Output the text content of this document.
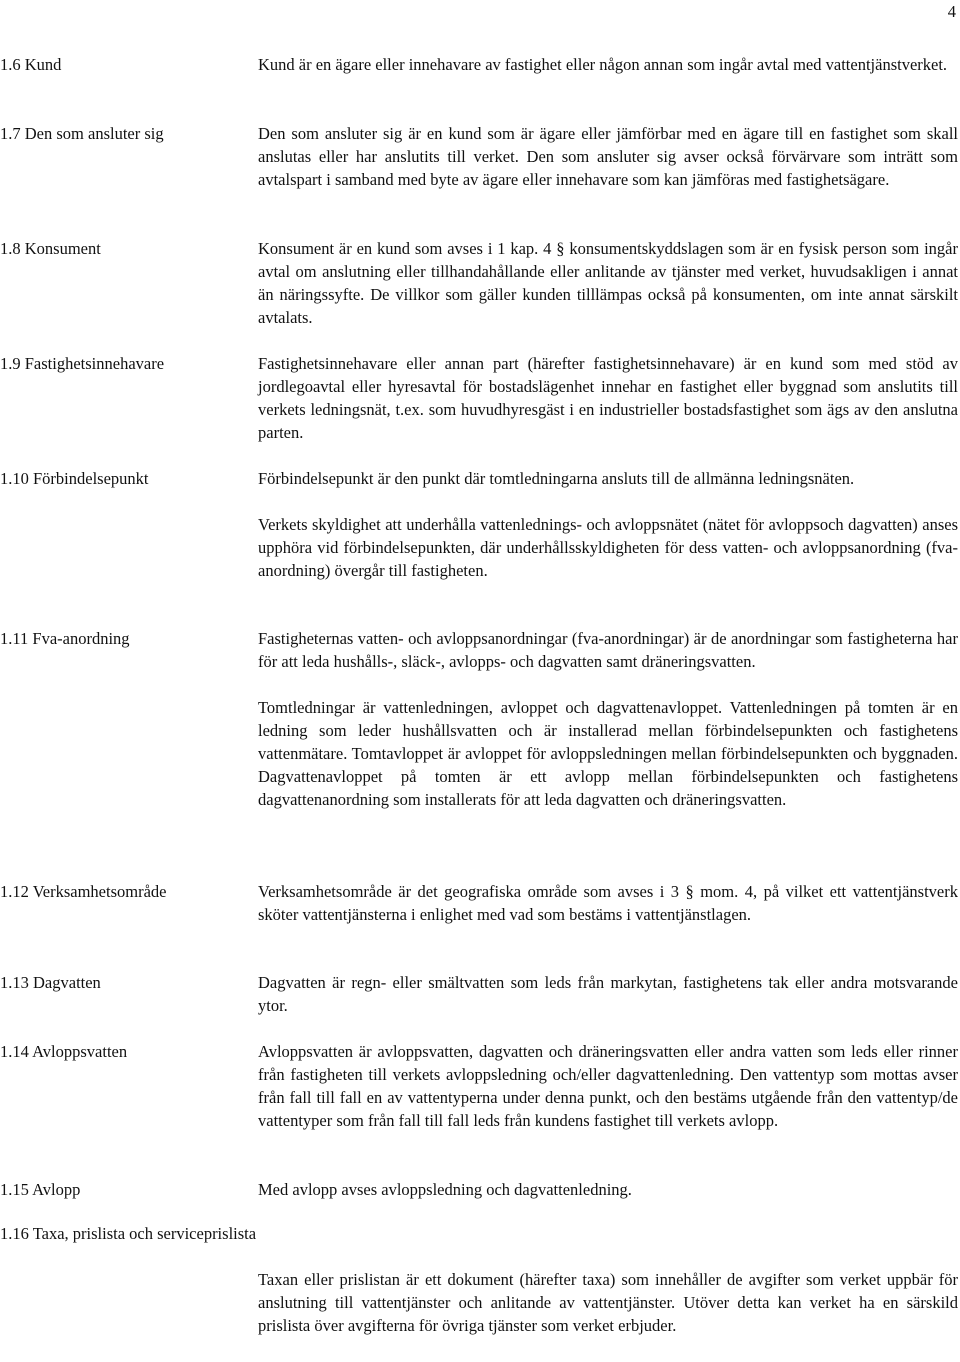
4
1.6 Kund	Kund är en ägare eller innehavare av fastighet eller någon annan som ingår avtal med vattentjänstverket.

1.7 Den som ansluter sig	Den som ansluter sig är en kund som är ägare eller jämförbar med en ägare till en fastighet som skall anslutas eller har anslutits till verket. Den som ansluter sig avser också förvärvare som inträtt som avtalspart i samband med byte av ägare eller innehavare som kan jämföras med fastighetsägare.

1.8 Konsument	Konsument är en kund som avses i 1 kap. 4 § konsumentskyddslagen som är en fysisk person som ingår avtal om anslutning eller tillhandahållande eller anlitande av tjänster med verket, huvudsakligen i annat än näringssyfte. De villkor som gäller kunden tilllämpas också på konsumenten, om inte annat särskilt avtalats.

1.9 Fastighetsinnehavare	Fastighetsinnehavare eller annan part (härefter fastighetsinnehavare) är en kund som med stöd av jordlegoavtal eller hyresavtal för bostadslägenhet innehar en fastighet eller byggnad som anslutits till verkets ledningsnät, t.ex. som huvudhyresgäst i en industrieller bostadsfastighet som ägs av den anslutna parten.

1.10 Förbindelsepunkt	Förbindelsepunkt är den punkt där tomtledningarna ansluts till de allmänna ledningsnäten.

Verkets skyldighet att underhålla vattenlednings- och avloppsnätet (nätet för avloppsoch dagvatten) anses upphöra vid förbindelsepunkten, där underhållsskyldigheten för dess vatten- och avloppsanordning (fva-anordning) övergår till fastigheten.

1.11 Fva-anordning	Fastigheternas vatten- och avloppsanordningar (fva-anordningar) är de anordningar som fastigheterna har för att leda hushålls-, släck-, avlopps- och dagvatten samt dräneringsvatten.

Tomtledningar är vattenledningen, avloppet och dagvattenavloppet. Vattenledningen på tomten är en ledning som leder hushållsvatten och är installerad mellan förbindelsepunkten och fastighetens vattenmätare. Tomtavloppet är avloppet för avloppsledningen mellan förbindelsepunkten och byggnaden. Dagvattenavloppet på tomten är ett avlopp mellan förbindelsepunkten och fastighetens dagvattenanordning som installerats för att leda dagvatten och dräneringsvatten.

1.12 Verksamhetsområde	Verksamhetsområde är det geografiska område som avses i 3 § mom. 4, på vilket ett vattentjänstverk sköter vattentjänsterna i enlighet med vad som bestäms i vattentjänstlagen.

1.13 Dagvatten	Dagvatten är regn- eller smältvatten som leds från markytan, fastighetens tak eller andra motsvarande ytor.

1.14 Avloppsvatten	Avloppsvatten är avloppsvatten, dagvatten och dräneringsvatten eller andra vatten som leds eller rinner från fastigheten till verkets avloppsledning och/eller dagvattenledning. Den vattentyp som mottas avser från fall till fall en av vattentyperna under denna punkt, och den bestäms utgående från den vattentyp/de vattentyper som från fall till fall leds från kundens fastighet till verkets avlopp.

1.15 Avlopp	Med avlopp avses avloppsledning och dagvattenledning.

1.16 Taxa, prislista och serviceprislista

Taxan eller prislistan är ett dokument (härefter taxa) som innehåller de avgifter som verket uppbär för anslutning till vattentjänster och anlitande av vattentjänster. Utöver detta kan verket ha en särskild prislista över avgifterna för övriga tjänster som verket erbjuder.
